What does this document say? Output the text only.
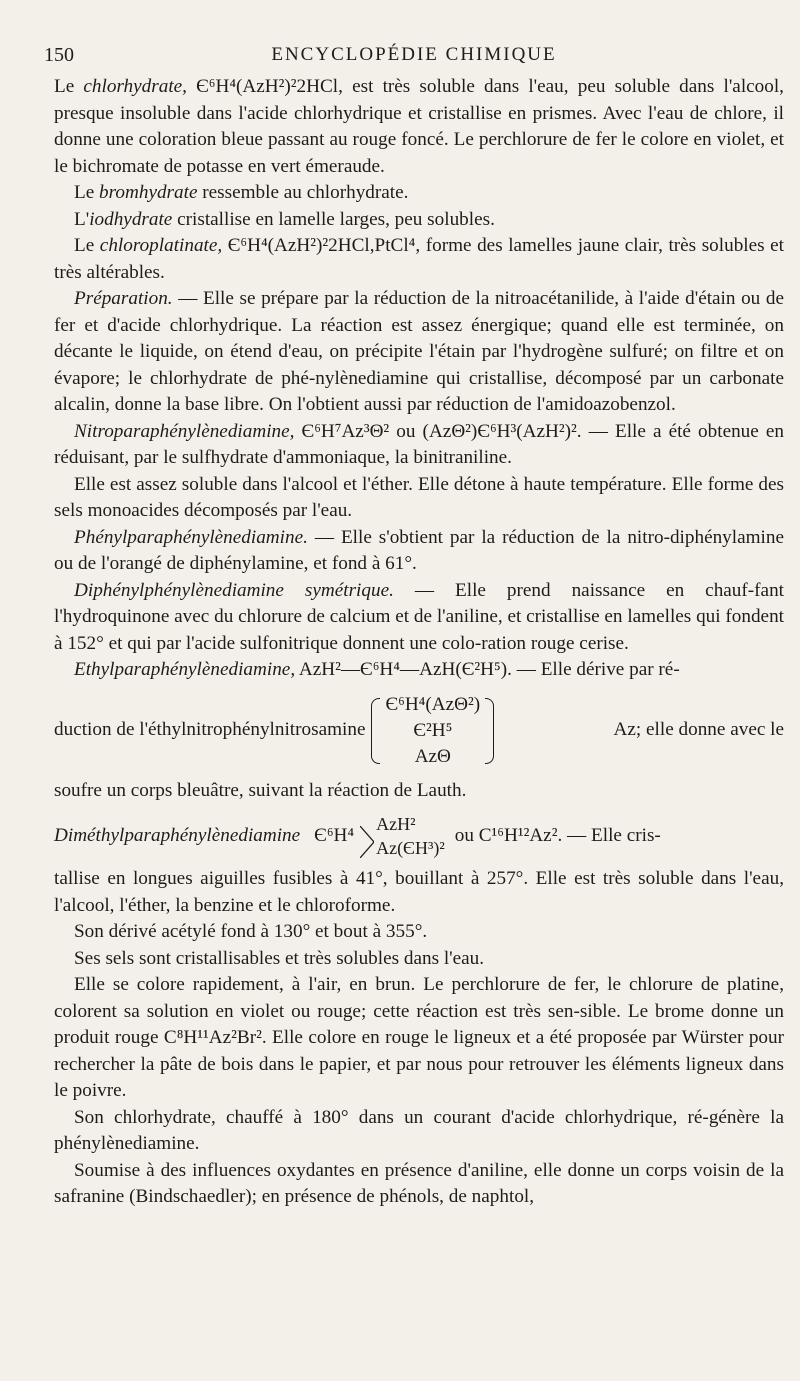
150	ENCYCLOPÉDIE CHIMIQUE

Le chlorhydrate, Є⁶H⁴(AzH²)²2HCl, est très soluble dans l'eau, peu soluble dans l'alcool, presque insoluble dans l'acide chlorhydrique et cristallise en prismes. Avec l'eau de chlore, il donne une coloration bleue passant au rouge foncé. Le perchlorure de fer le colore en violet, et le bichromate de potasse en vert émeraude.

Le bromhydrate ressemble au chlorhydrate.

L'iodhydrate cristallise en lamelle larges, peu solubles.

Le chloroplatinate, Є⁶H⁴(AzH²)²2HCl,PtCl⁴, forme des lamelles jaune clair, très solubles et très altérables.

Préparation. — Elle se prépare par la réduction de la nitroacétanilide, à l'aide d'étain ou de fer et d'acide chlorhydrique. La réaction est assez énergique; quand elle est terminée, on décante le liquide, on étend d'eau, on précipite l'étain par l'hydrogène sulfuré; on filtre et on évapore; le chlorhydrate de phé-nylènediamine qui cristallise, décomposé par un carbonate alcalin, donne la base libre. On l'obtient aussi par réduction de l'amidoazobenzol.

Nitroparaphénylènediamine, Є⁶H⁷Az³Θ² ou (AzΘ²)Є⁶H³(AzH²)². — Elle a été obtenue en réduisant, par le sulfhydrate d'ammoniaque, la binitraniline.

Elle est assez soluble dans l'alcool et l'éther. Elle détone à haute température. Elle forme des sels monoacides décomposés par l'eau.

Phénylparaphénylènediamine. — Elle s'obtient par la réduction de la nitro-diphénylamine ou de l'orangé de diphénylamine, et fond à 61°.

Diphénylphénylènediamine symétrique. — Elle prend naissance en chauf-fant l'hydroquinone avec du chlorure de calcium et de l'aniline, et cristallise en lamelles qui fondent à 152° et qui par l'acide sulfonitrique donnent une colo-ration rouge cerise.

Ethylparaphénylènediamine, AzH²—Є⁶H⁴—AzH(Є²H⁵). — Elle dérive par ré-

duction de l'éthylnitrophénylnitrosamine
Є⁶H⁴(AzΘ²)
Є²H⁵
AzΘ
Az; elle donne avec le

soufre un corps bleuâtre, suivant la réaction de Lauth.

Diméthylparaphénylènediamine Є⁶H⁴
AzH²
Az(ЄH³)²
ou C¹⁶H¹²Az². — Elle cris-

tallise en longues aiguilles fusibles à 41°, bouillant à 257°. Elle est très soluble dans l'eau, l'alcool, l'éther, la benzine et le chloroforme.

Son dérivé acétylé fond à 130° et bout à 355°.

Ses sels sont cristallisables et très solubles dans l'eau.

Elle se colore rapidement, à l'air, en brun. Le perchlorure de fer, le chlorure de platine, colorent sa solution en violet ou rouge; cette réaction est très sen-sible. Le brome donne un produit rouge C⁸H¹¹Az²Br². Elle colore en rouge le ligneux et a été proposée par Würster pour rechercher la pâte de bois dans le papier, et par nous pour retrouver les éléments ligneux dans le poivre.

Son chlorhydrate, chauffé à 180° dans un courant d'acide chlorhydrique, ré-génère la phénylènediamine.

Soumise à des influences oxydantes en présence d'aniline, elle donne un corps voisin de la safranine (Bindschaedler); en présence de phénols, de naphtol,
